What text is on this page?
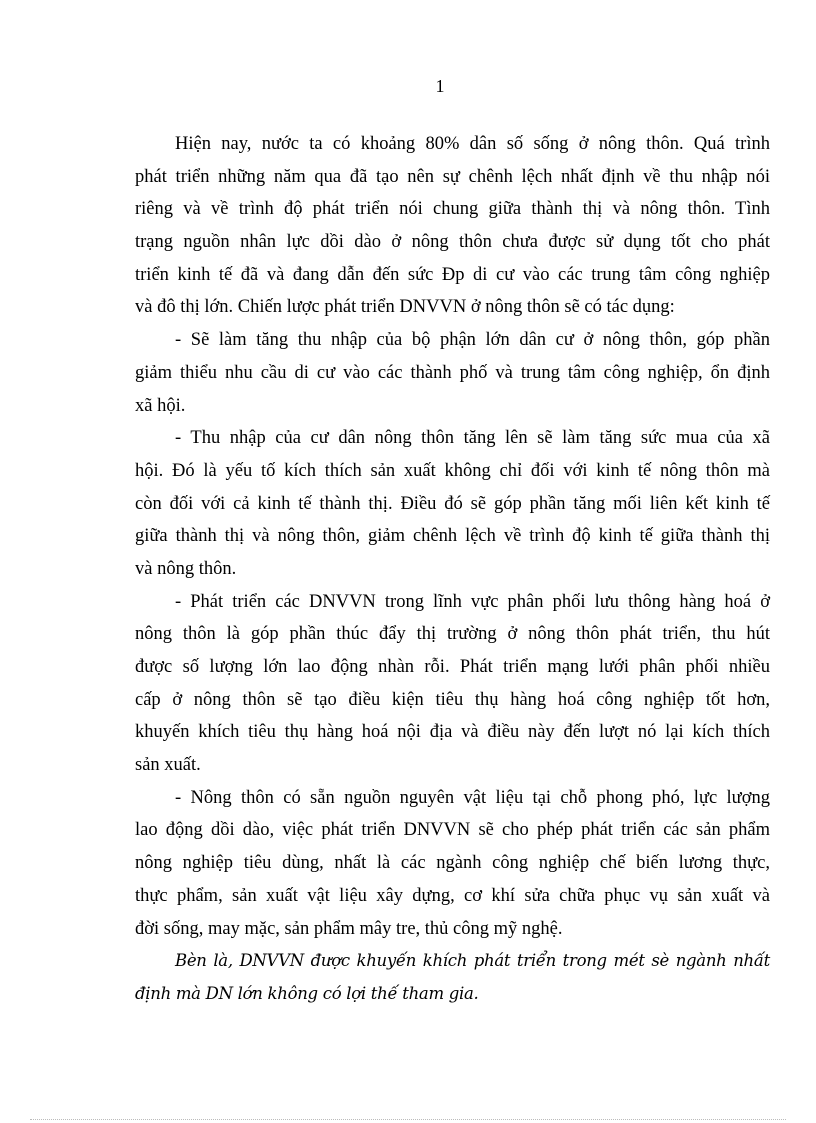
1
Hiện nay, nước ta có khoảng 80% dân số sống ở nông thôn. Quá trình
phát triển những năm qua đã tạo nên sự chênh lệch nhất định về thu nhập nói
riêng và về trình độ phát triển nói chung giữa thành thị và nông thôn. Tình
trạng nguồn nhân lực dồi dào ở nông thôn chưa được sử dụng tốt cho phát
triển kinh tế đã và đang dẫn đến sức Ðp di cư vào các trung tâm công nghiệp
và đô thị lớn. Chiến lược phát triển DNVVN ở nông thôn sẽ có tác dụng:
- Sẽ làm tăng thu nhập của bộ phận lớn dân cư ở nông thôn, góp phần
giảm thiểu nhu cầu di cư vào các thành phố và trung tâm công nghiệp, ổn định
xã hội.
- Thu nhập của cư dân nông thôn tăng lên sẽ làm tăng sức mua của xã
hội. Đó là yếu tố kích thích sản xuất không chỉ đối với kinh tế nông thôn mà
còn đối với cả kinh tế thành thị. Điều đó sẽ góp phần tăng mối liên kết kinh tế
giữa thành thị và nông thôn, giảm chênh lệch về trình độ kinh tế giữa thành thị
và nông thôn.
- Phát triển các DNVVN trong lĩnh vực phân phối lưu thông hàng hoá ở
nông thôn là góp phần thúc đẩy thị trường ở nông thôn phát triển, thu hút
được số lượng lớn lao động nhàn rỗi. Phát triển mạng lưới phân phối nhiều
cấp ở nông thôn sẽ tạo điều kiện tiêu thụ hàng hoá công nghiệp tốt hơn,
khuyến khích tiêu thụ hàng hoá nội địa và điều này đến lượt nó lại kích thích
sản xuất.
- Nông thôn có sẵn nguồn nguyên vật liệu tại chỗ phong phó, lực lượng
lao động dồi dào, việc phát triển DNVVN sẽ cho phép phát triển các sản phẩm
nông nghiệp tiêu dùng, nhất là các ngành công nghiệp chế biến lương thực,
thực phẩm, sản xuất vật liệu xây dựng, cơ khí sửa chữa phục vụ sản xuất và
đời sống, may mặc, sản phẩm mây tre, thủ công mỹ nghệ.
Bèn là, DNVVN được khuyến khích phát triển trong mét sè ngành nhất
định mà DN lớn không có lợi thế tham gia.
